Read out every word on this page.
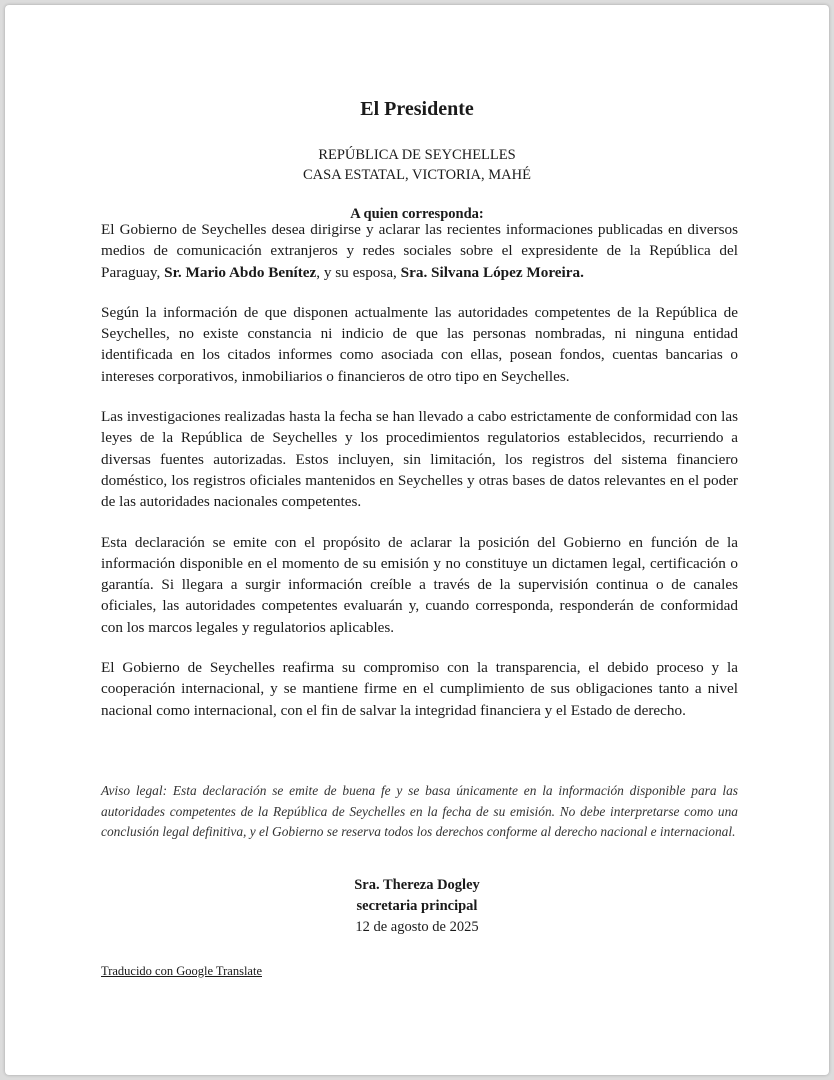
El Presidente
REPÚBLICA DE SEYCHELLES
CASA ESTATAL, VICTORIA, MAHÉ
A quien corresponda:

El Gobierno de Seychelles desea dirigirse y aclarar las recientes informaciones publicadas en diversos medios de comunicación extranjeros y redes sociales sobre el expresidente de la República del Paraguay, Sr. Mario Abdo Benítez, y su esposa, Sra. Silvana López Moreira.

Según la información de que disponen actualmente las autoridades competentes de la República de Seychelles, no existe constancia ni indicio de que las personas nombradas, ni ninguna entidad identificada en los citados informes como asociada con ellas, posean fondos, cuentas bancarias o intereses corporativos, inmobiliarios o financieros de otro tipo en Seychelles.

Las investigaciones realizadas hasta la fecha se han llevado a cabo estrictamente de conformidad con las leyes de la República de Seychelles y los procedimientos regulatorios establecidos, recurriendo a diversas fuentes autorizadas. Estos incluyen, sin limitación, los registros del sistema financiero doméstico, los registros oficiales mantenidos en Seychelles y otras bases de datos relevantes en el poder de las autoridades nacionales competentes.

Esta declaración se emite con el propósito de aclarar la posición del Gobierno en función de la información disponible en el momento de su emisión y no constituye un dictamen legal, certificación o garantía. Si llegara a surgir información creíble a través de la supervisión continua o de canales oficiales, las autoridades competentes evaluarán y, cuando corresponda, responderán de conformidad con los marcos legales y regulatorios aplicables.

El Gobierno de Seychelles reafirma su compromiso con la transparencia, el debido proceso y la cooperación internacional, y se mantiene firme en el cumplimiento de sus obligaciones tanto a nivel nacional como internacional, con el fin de salvar la integridad financiera y el Estado de derecho.

Aviso legal: Esta declaración se emite de buena fe y se basa únicamente en la información disponible para las autoridades competentes de la República de Seychelles en la fecha de su emisión. No debe interpretarse como una conclusión legal definitiva, y el Gobierno se reserva todos los derechos conforme al derecho nacional e internacional.
Sra. Thereza Dogley
secretaria principal
12 de agosto de 2025
Traducido con Google Translate
